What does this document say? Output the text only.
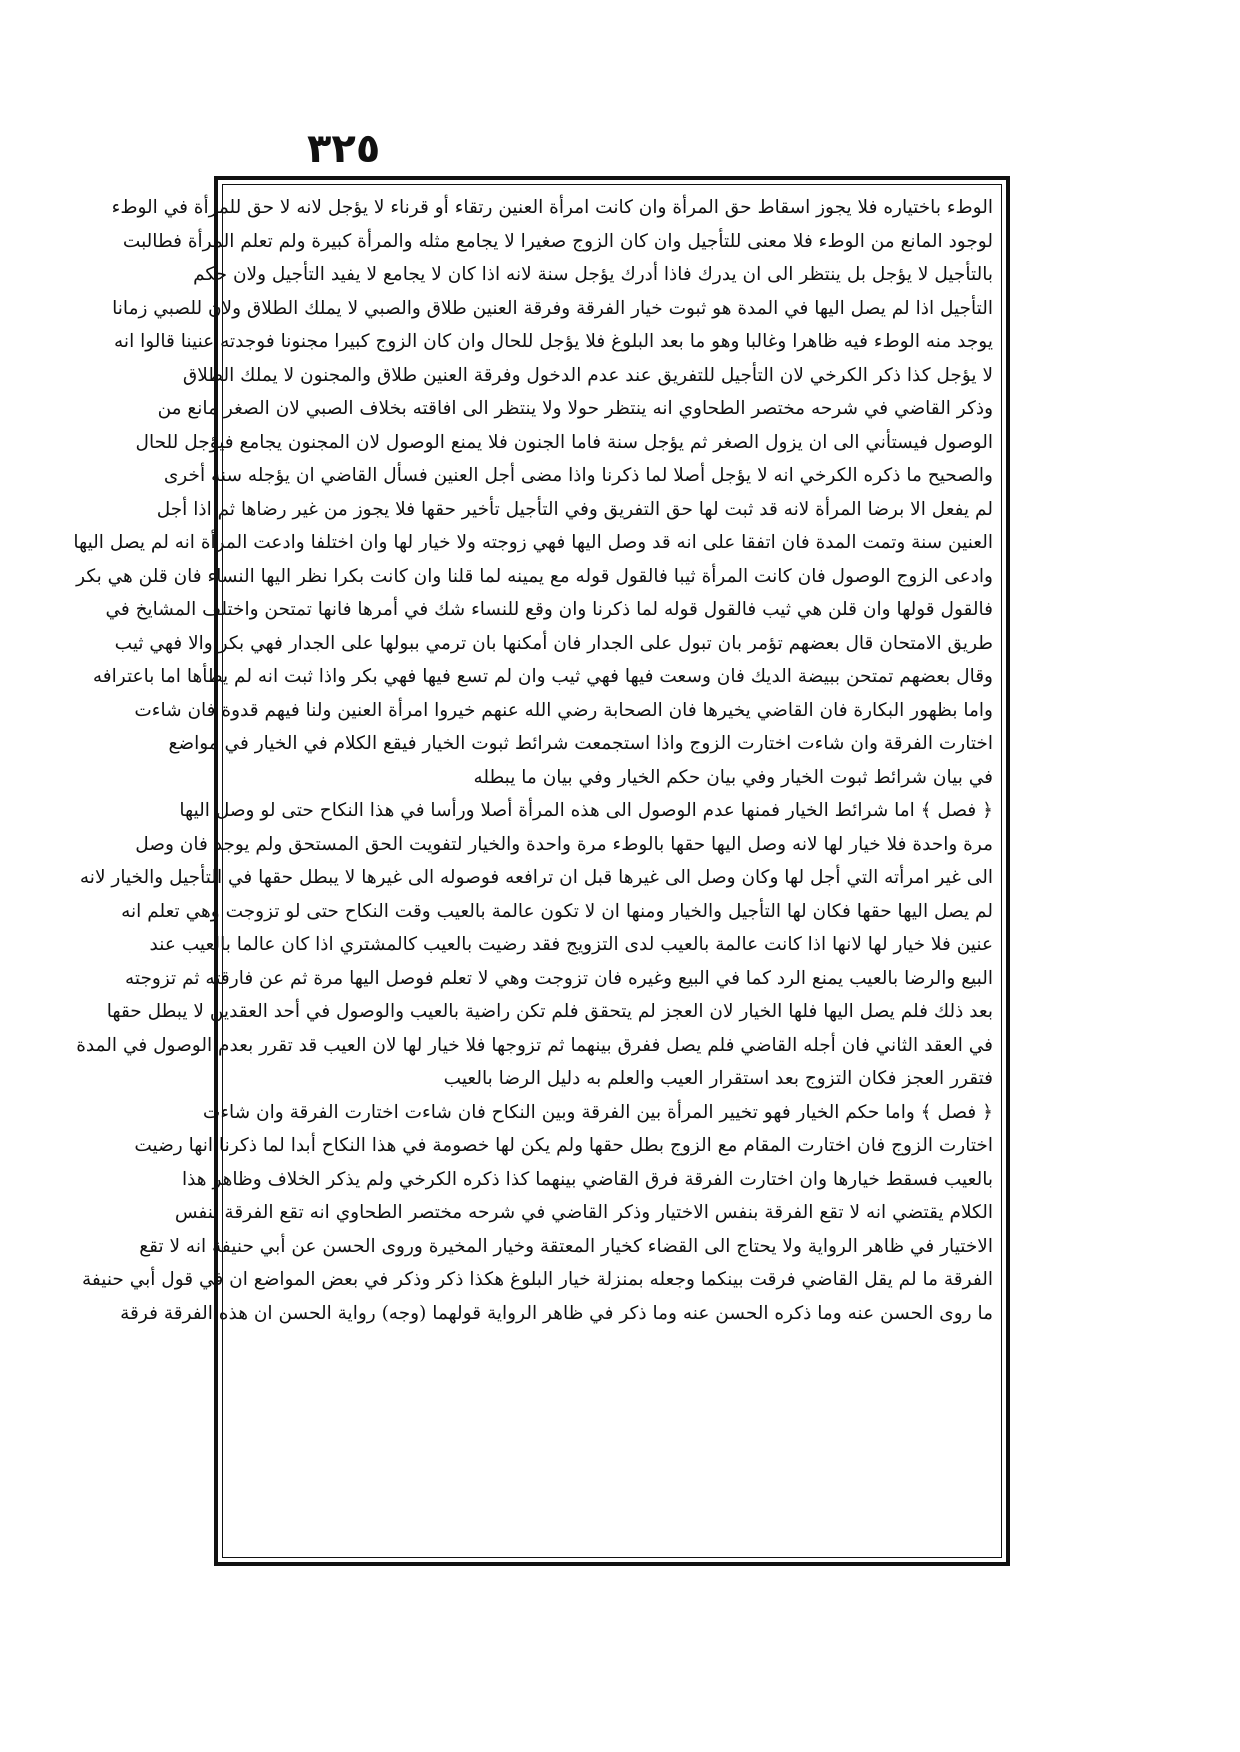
٣٢٥
الوطء باختياره فلا يجوز اسقاط حق المرأة وان كانت امرأة العنين رتقاء أو قرناء لا يؤجل لانه لا حق للمرأة في الوطء
لوجود المانع من الوطء فلا معنى للتأجيل وان كان الزوج صغيرا لا يجامع مثله والمرأة كبيرة ولم تعلم المرأة فطالبت
بالتأجيل لا يؤجل بل ينتظر الى ان يدرك فاذا أدرك يؤجل سنة لانه اذا كان لا يجامع لا يفيد التأجيل ولان حكم
التأجيل اذا لم يصل اليها في المدة هو ثبوت خيار الفرقة وفرقة العنين طلاق والصبي لا يملك الطلاق ولان للصبي زمانا
يوجد منه الوطء فيه ظاهرا وغالبا وهو ما بعد البلوغ فلا يؤجل للحال وان كان الزوج كبيرا مجنونا فوجدته عنينا قالوا انه
لا يؤجل كذا ذكر الكرخي لان التأجيل للتفريق عند عدم الدخول وفرقة العنين طلاق والمجنون لا يملك الطلاق
وذكر القاضي في شرحه مختصر الطحاوي انه ينتظر حولا ولا ينتظر الى افاقته بخلاف الصبي لان الصغر مانع من
الوصول فيستأني الى ان يزول الصغر ثم يؤجل سنة فاما الجنون فلا يمنع الوصول لان المجنون يجامع فيؤجل للحال
والصحيح ما ذكره الكرخي انه لا يؤجل أصلا لما ذكرنا واذا مضى أجل العنين فسأل القاضي ان يؤجله سنة أخرى
لم يفعل الا برضا المرأة لانه قد ثبت لها حق التفريق وفي التأجيل تأخير حقها فلا يجوز من غير رضاها ثم اذا أجل
العنين سنة وتمت المدة فان اتفقا على انه قد وصل اليها فهي زوجته ولا خيار لها وان اختلفا وادعت المرأة انه لم يصل اليها
وادعى الزوج الوصول فان كانت المرأة ثيبا فالقول قوله مع يمينه لما قلنا وان كانت بكرا نظر اليها النساء فان قلن هي بكر
فالقول قولها وان قلن هي ثيب فالقول قوله لما ذكرنا وان وقع للنساء شك في أمرها فانها تمتحن واختلف المشايخ في
طريق الامتحان قال بعضهم تؤمر بان تبول على الجدار فان أمكنها بان ترمي ببولها على الجدار فهي بكر والا فهي ثيب
وقال بعضهم تمتحن ببيضة الديك فان وسعت فيها فهي ثيب وان لم تسع فيها فهي بكر واذا ثبت انه لم يطأها اما باعترافه
واما بظهور البكارة فان القاضي يخيرها فان الصحابة رضي الله عنهم خيروا امرأة العنين ولنا فيهم قدوة فان شاءت
اختارت الفرقة وان شاءت اختارت الزوج واذا استجمعت شرائط ثبوت الخيار فيقع الكلام في الخيار في مواضع
في بيان شرائط ثبوت الخيار وفي بيان حكم الخيار وفي بيان ما يبطله
﴿ فصل ﴾ اما شرائط الخيار فمنها عدم الوصول الى هذه المرأة أصلا ورأسا في هذا النكاح حتى لو وصل اليها
مرة واحدة فلا خيار لها لانه وصل اليها حقها بالوطء مرة واحدة والخيار لتفويت الحق المستحق ولم يوجد فان وصل
الى غير امرأته التي أجل لها وكان وصل الى غيرها قبل ان ترافعه فوصوله الى غيرها لا يبطل حقها في التأجيل والخيار لانه
لم يصل اليها حقها فكان لها التأجيل والخيار ومنها ان لا تكون عالمة بالعيب وقت النكاح حتى لو تزوجت وهي تعلم انه
عنين فلا خيار لها لانها اذا كانت عالمة بالعيب لدى التزويج فقد رضيت بالعيب كالمشتري اذا كان عالما بالعيب عند
البيع والرضا بالعيب يمنع الرد كما في البيع وغيره فان تزوجت وهي لا تعلم فوصل اليها مرة ثم عن فارقته ثم تزوجته
بعد ذلك فلم يصل اليها فلها الخيار لان العجز لم يتحقق فلم تكن راضية بالعيب والوصول في أحد العقدين لا يبطل حقها
في العقد الثاني فان أجله القاضي فلم يصل ففرق بينهما ثم تزوجها فلا خيار لها لان العيب قد تقرر بعدم الوصول في المدة
فتقرر العجز فكان التزوج بعد استقرار العيب والعلم به دليل الرضا بالعيب
﴿ فصل ﴾ واما حكم الخيار فهو تخيير المرأة بين الفرقة وبين النكاح فان شاءت اختارت الفرقة وان شاءت
اختارت الزوج فان اختارت المقام مع الزوج بطل حقها ولم يكن لها خصومة في هذا النكاح أبدا لما ذكرنا انها رضيت
بالعيب فسقط خيارها وان اختارت الفرقة فرق القاضي بينهما كذا ذكره الكرخي ولم يذكر الخلاف وظاهر هذا
الكلام يقتضي انه لا تقع الفرقة بنفس الاختيار وذكر القاضي في شرحه مختصر الطحاوي انه تقع الفرقة بنفس
الاختيار في ظاهر الرواية ولا يحتاج الى القضاء كخيار المعتقة وخيار المخيرة وروى الحسن عن أبي حنيفة انه لا تقع
الفرقة ما لم يقل القاضي فرقت بينكما وجعله بمنزلة خيار البلوغ هكذا ذكر وذكر في بعض المواضع ان في قول أبي حنيفة
ما روى الحسن عنه وما ذكره الحسن عنه وما ذكر في ظاهر الرواية قولهما (وجه) رواية الحسن ان هذه الفرقة فرقة
